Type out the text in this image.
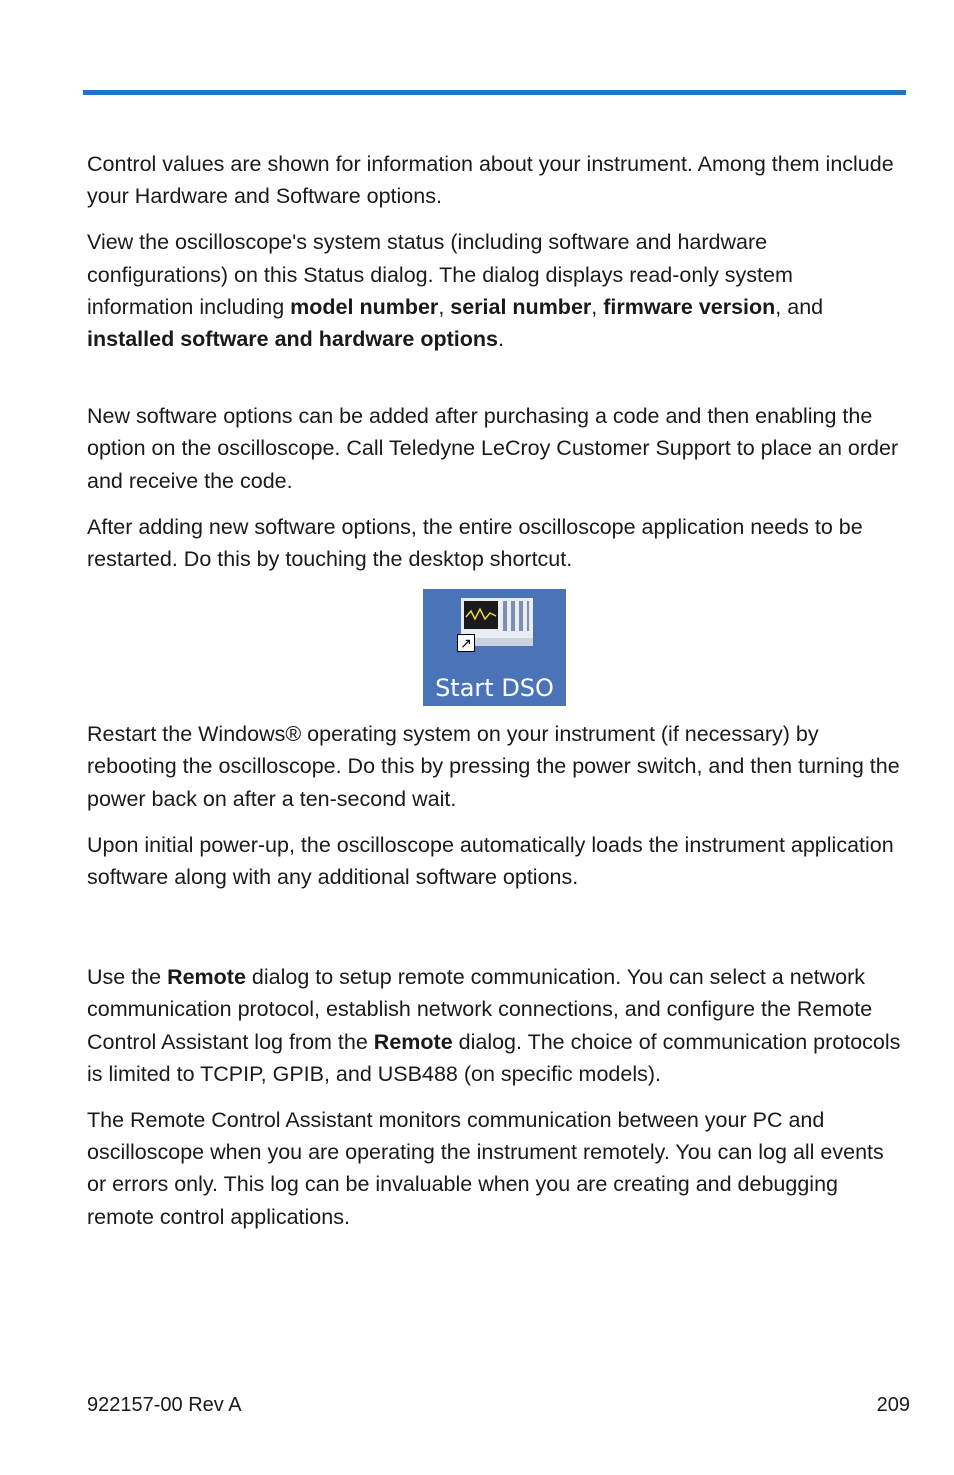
Control values are shown for information about your instrument. Among them include your Hardware and Software options.

View the oscilloscope's system status (including software and hardware configurations) on this Status dialog. The dialog displays read-only system information including model number, serial number, firmware version, and installed software and hardware options.

New software options can be added after purchasing a code and then enabling the option on the oscilloscope. Call Teledyne LeCroy Customer Support to place an order and receive the code.

After adding new software options, the entire oscilloscope application needs to be restarted. Do this by touching the desktop shortcut.

↗
Start DSO

Restart the Windows® operating system on your instrument (if necessary) by rebooting the oscilloscope. Do this by pressing the power switch, and then turning the power back on after a ten-second wait.

Upon initial power-up, the oscilloscope automatically loads the instrument application software along with any additional software options.

Use the Remote dialog to setup remote communication. You can select a network communication protocol, establish network connections, and configure the Remote Control Assistant log from the Remote dialog. The choice of communication protocols is limited to TCPIP, GPIB, and USB488 (on specific models).

The Remote Control Assistant monitors communication between your PC and oscilloscope when you are operating the instrument remotely. You can log all events or errors only. This log can be invaluable when you are creating and debugging remote control applications.

922157-00 Rev A	209
